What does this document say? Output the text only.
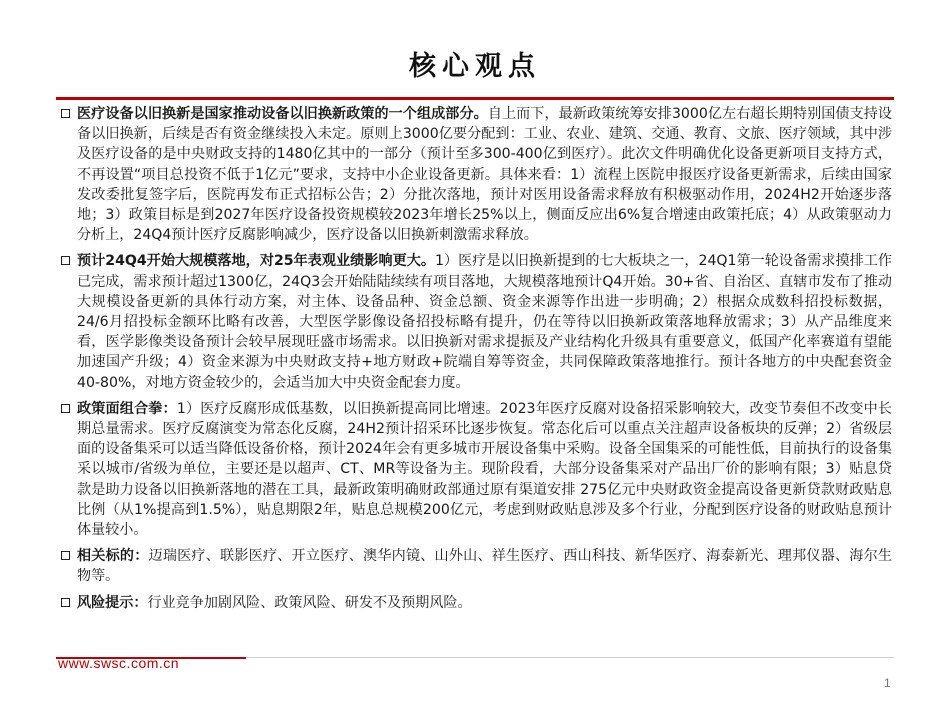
核心观点
医疗设备以旧换新是国家推动设备以旧换新政策的一个组成部分。自上而下，最新政策统筹安排3000亿左右超长期特别国债支持设备以旧换新，后续是否有资金继续投入未定。原则上3000亿要分配到：工业、农业、建筑、交通、教育、文旅、医疗领域，其中涉及医疗设备的是中央财政支持的1480亿其中的一部分（预计至多300-400亿到医疗）。此次文件明确优化设备更新项目支持方式，不再设置“项目总投资不低于1亿元”要求，支持中小企业设备更新。具体来看：1）流程上医院申报医疗设备更新需求，后续由国家发改委批复签字后，医院再发布正式招标公告；2）分批次落地，预计对医用设备需求释放有积极驱动作用，2024H2开始逐步落地；3）政策目标是到2027年医疗设备投资规模较2023年增长25%以上，侧面反应出6%复合增速由政策托底；4）从政策驱动力分析上，24Q4预计医疗反腐影响减少，医疗设备以旧换新刺激需求释放。
预计24Q4开始大规模落地，对25年表观业绩影响更大。1）医疗是以旧换新提到的七大板块之一，24Q1第一轮设备需求摸排工作已完成，需求预计超过1300亿，24Q3会开始陆陆续续有项目落地，大规模落地预计Q4开始。30+省、自治区、直辖市发布了推动大规模设备更新的具体行动方案，对主体、设备品种、资金总额、资金来源等作出进一步明确；2）根据众成数科招投标数据，24/6月招投标金额环比略有改善，大型医学影像设备招投标略有提升，仍在等待以旧换新政策落地释放需求；3）从产品维度来看，医学影像类设备预计会较早展现旺盛市场需求。以旧换新对需求提振及产业结构化升级具有重要意义，低国产化率赛道有望能加速国产升级；4）资金来源为中央财政支持+地方财政+院端自筹等资金，共同保障政策落地推行。预计各地方的中央配套资金40-80%，对地方资金较少的，会适当加大中央资金配套力度。
政策面组合拳：1）医疗反腐形成低基数，以旧换新提高同比增速。2023年医疗反腐对设备招采影响较大，改变节奏但不改变中长期总量需求。医疗反腐演变为常态化反腐，24H2预计招采环比逐步恢复。常态化后可以重点关注超声设备板块的反弹；2）省级层面的设备集采可以适当降低设备价格，预计2024年会有更多城市开展设备集中采购。设备全国集采的可能性低，目前执行的设备集采以城市/省级为单位，主要还是以超声、CT、MR等设备为主。现阶段看，大部分设备集采对产品出厂价的影响有限；3）贴息贷款是助力设备以旧换新落地的潜在工具，最新政策明确财政部通过原有渠道安排 275亿元中央财政资金提高设备更新贷款财政贴息比例（从1%提高到1.5%），贴息期限2年，贴息总规模200亿元，考虑到财政贴息涉及多个行业，分配到医疗设备的财政贴息预计体量较小。
相关标的：迈瑞医疗、联影医疗、开立医疗、澳华内镜、山外山、祥生医疗、西山科技、新华医疗、海泰新光、理邦仪器、海尔生物等。
风险提示：行业竞争加剧风险、政策风险、研发不及预期风险。
www.swsc.com.cn
1
